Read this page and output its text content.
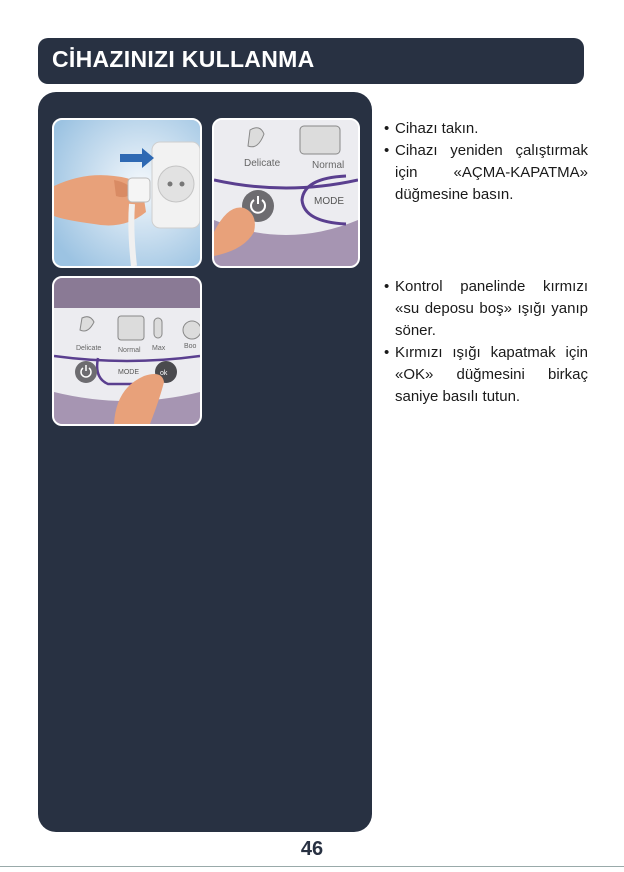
CİHAZINIZI KULLANMA
Delicate	Normal
MODE
Delicate Normal Max	Boo
MODE	ok
• Cihazı takın.
• Cihazı yeniden çalıştırmak için «AÇMA-KAPATMA» düğmesine basın.
• Kontrol panelinde kırmızı «su deposu boş» ışığı yanıp söner.
• Kırmızı ışığı kapatmak için «OK» düğmesini birkaç saniye basılı tutun.
46
